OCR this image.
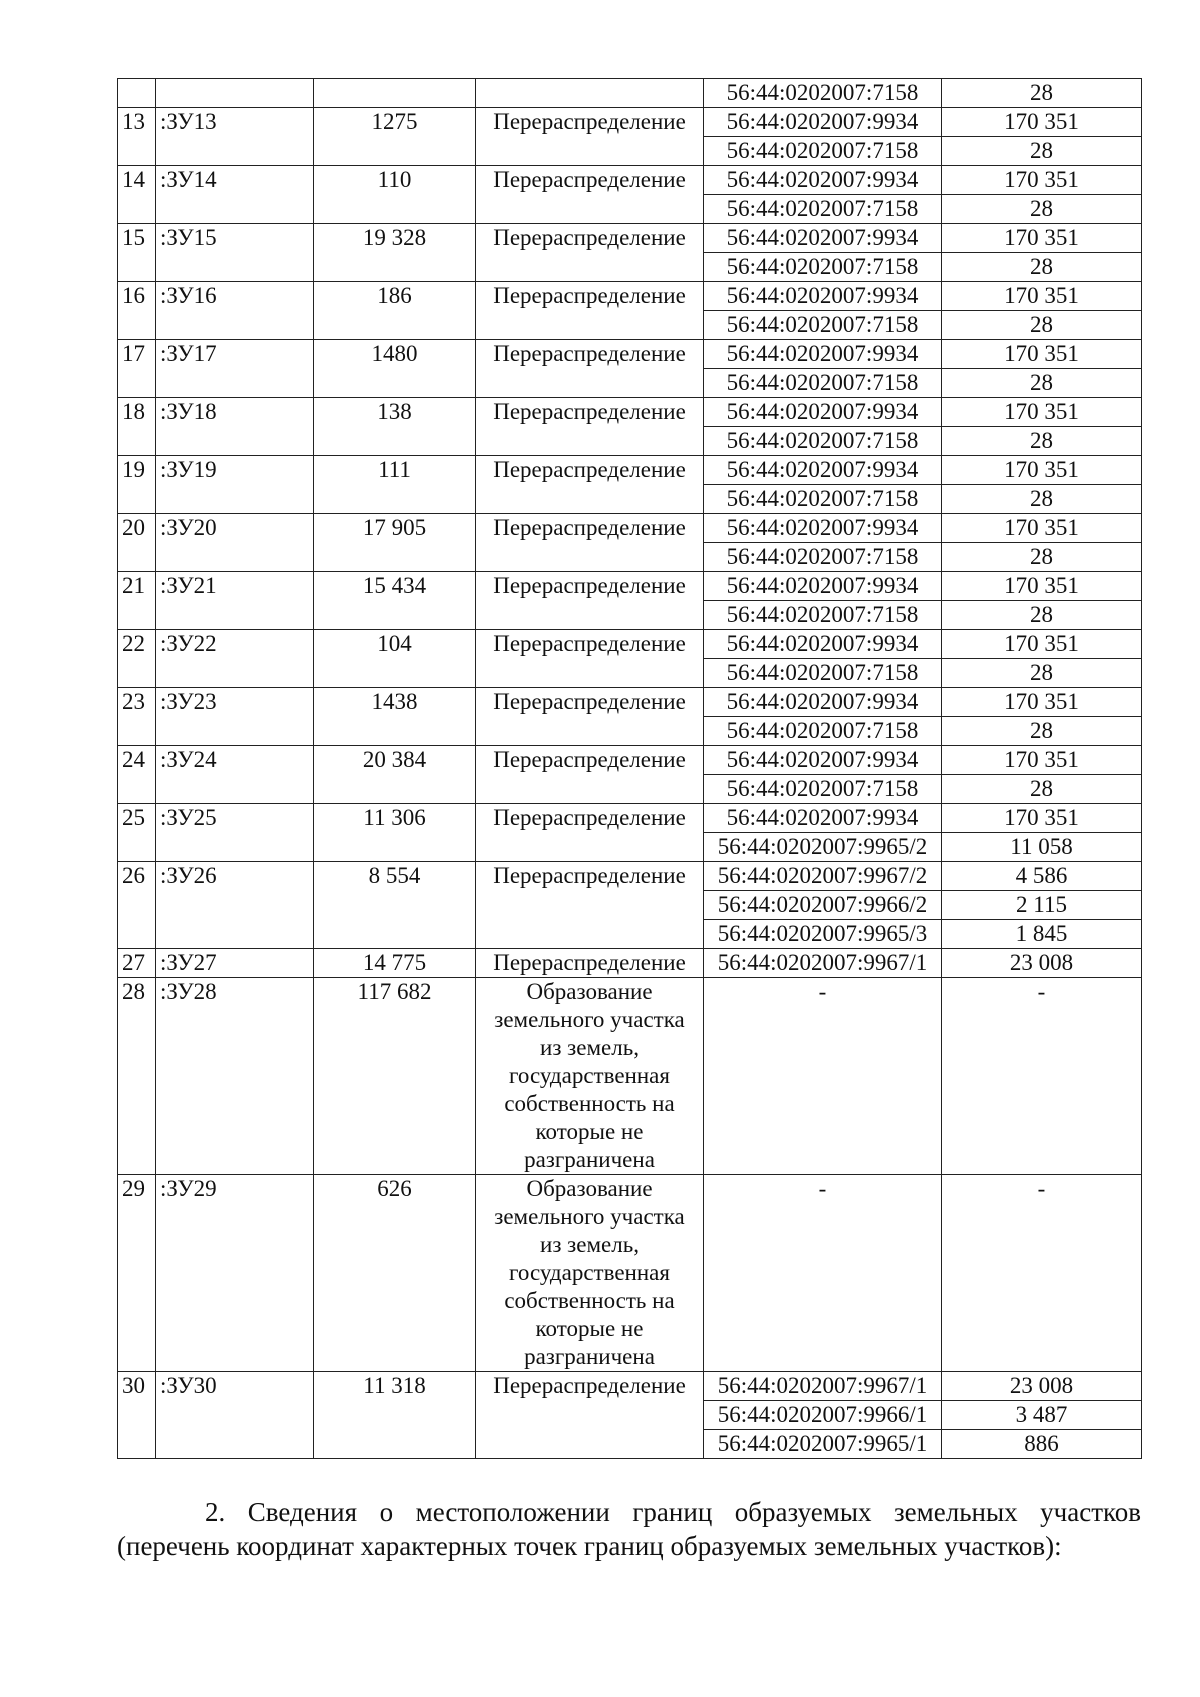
				56:44:0202007:7158	28
13	:ЗУ13	1275	Перераспределение	56:44:0202007:9934	170 351
				56:44:0202007:7158	28
14	:ЗУ14	110	Перераспределение	56:44:0202007:9934	170 351
				56:44:0202007:7158	28
15	:ЗУ15	19 328	Перераспределение	56:44:0202007:9934	170 351
				56:44:0202007:7158	28
16	:ЗУ16	186	Перераспределение	56:44:0202007:9934	170 351
				56:44:0202007:7158	28
17	:ЗУ17	1480	Перераспределение	56:44:0202007:9934	170 351
				56:44:0202007:7158	28
18	:ЗУ18	138	Перераспределение	56:44:0202007:9934	170 351
				56:44:0202007:7158	28
19	:ЗУ19	111	Перераспределение	56:44:0202007:9934	170 351
				56:44:0202007:7158	28
20	:ЗУ20	17 905	Перераспределение	56:44:0202007:9934	170 351
				56:44:0202007:7158	28
21	:ЗУ21	15 434	Перераспределение	56:44:0202007:9934	170 351
				56:44:0202007:7158	28
22	:ЗУ22	104	Перераспределение	56:44:0202007:9934	170 351
				56:44:0202007:7158	28
23	:ЗУ23	1438	Перераспределение	56:44:0202007:9934	170 351
				56:44:0202007:7158	28
24	:ЗУ24	20 384	Перераспределение	56:44:0202007:9934	170 351
				56:44:0202007:7158	28
25	:ЗУ25	11 306	Перераспределение	56:44:0202007:9934	170 351
				56:44:0202007:9965/2	11 058
26	:ЗУ26	8 554	Перераспределение	56:44:0202007:9967/2	4 586
				56:44:0202007:9966/2	2 115
				56:44:0202007:9965/3	1 845
27	:ЗУ27	14 775	Перераспределение	56:44:0202007:9967/1	23 008
28	:ЗУ28	117 682	Образование земельного участка из земель, государственная собственность на которые не разграничена	-	-
29	:ЗУ29	626	Образование земельного участка из земель, государственная собственность на которые не разграничена	-	-
30	:ЗУ30	11 318	Перераспределение	56:44:0202007:9967/1	23 008
				56:44:0202007:9966/1	3 487
				56:44:0202007:9965/1	886
2. Сведения о местоположении границ образуемых земельных участков
(перечень координат характерных точек границ образуемых земельных участков):
